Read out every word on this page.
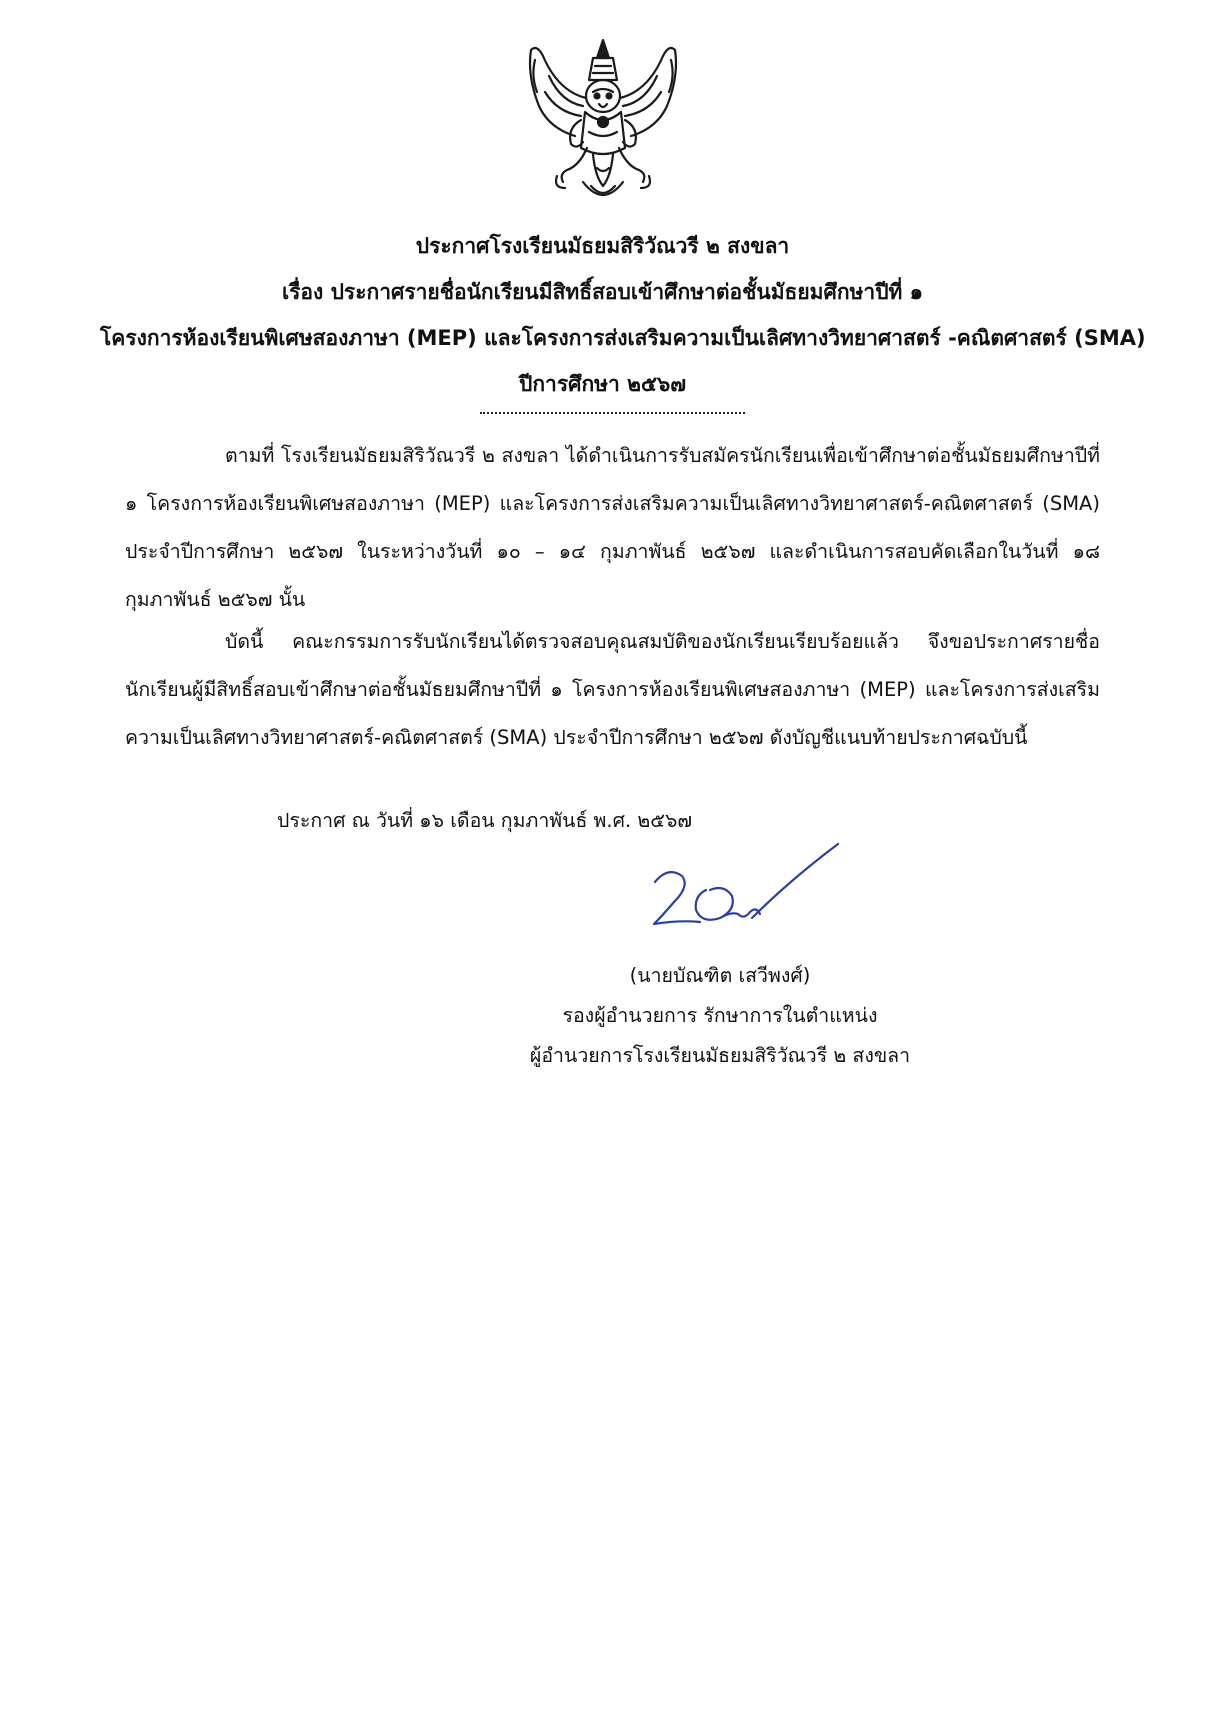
ประกาศโรงเรียนมัธยมสิริวัณวรี ๒ สงขลา
เรื่อง ประกาศรายชื่อนักเรียนมีสิทธิ์สอบเข้าศึกษาต่อชั้นมัธยมศึกษาปีที่ ๑
โครงการห้องเรียนพิเศษสองภาษา (MEP) และโครงการส่งเสริมความเป็นเลิศทางวิทยาศาสตร์ -คณิตศาสตร์ (SMA)
ปีการศึกษา ๒๕๖๗
ตามที่ โรงเรียนมัธยมสิริวัณวรี ๒ สงขลา ได้ดำเนินการรับสมัครนักเรียนเพื่อเข้าศึกษาต่อชั้นมัธยมศึกษาปีที่ ๑ โครงการห้องเรียนพิเศษสองภาษา (MEP) และโครงการส่งเสริมความเป็นเลิศทางวิทยาศาสตร์-คณิตศาสตร์ (SMA) ประจำปีการศึกษา ๒๕๖๗ ในระหว่างวันที่ ๑๐ – ๑๔ กุมภาพันธ์ ๒๕๖๗ และดำเนินการสอบคัดเลือกในวันที่ ๑๘ กุมภาพันธ์ ๒๕๖๗ นั้น
บัดนี้ คณะกรรมการรับนักเรียนได้ตรวจสอบคุณสมบัติของนักเรียนเรียบร้อยแล้ว จึงขอประกาศรายชื่อนักเรียนผู้มีสิทธิ์สอบเข้าศึกษาต่อชั้นมัธยมศึกษาปีที่ ๑ โครงการห้องเรียนพิเศษสองภาษา (MEP) และโครงการส่งเสริมความเป็นเลิศทางวิทยาศาสตร์-คณิตศาสตร์ (SMA) ประจำปีการศึกษา ๒๕๖๗ ดังบัญชีแนบท้ายประกาศฉบับนี้
ประกาศ ณ วันที่ ๑๖ เดือน กุมภาพันธ์ พ.ศ. ๒๕๖๗
(นายบัณฑิต เสวีพงศ์)
รองผู้อำนวยการ รักษาการในตำแหน่ง
ผู้อำนวยการโรงเรียนมัธยมสิริวัณวรี ๒ สงขลา
